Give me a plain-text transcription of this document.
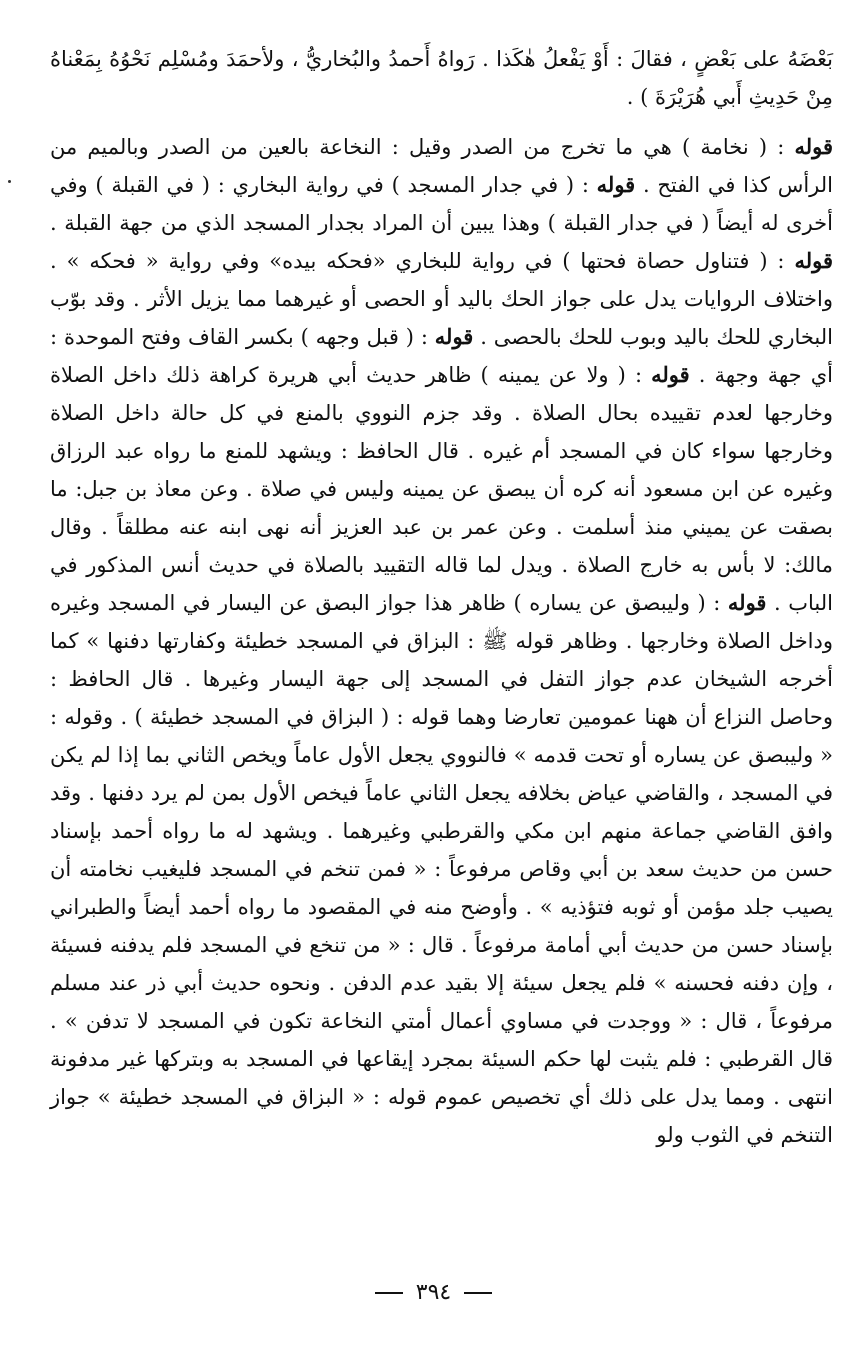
بَعْضَهُ على بَعْضٍ ، فقالَ : أَوْ يَفْعلُ هٰكَذا . رَواهُ أَحمدُ والبُخاريُّ ، ولأحمَدَ ومُسْلِم نَحْوُهُ بِمَعْناهُ مِنْ حَدِيثِ أَبي هُرَيْرَةَ ) .

قوله : ( نخامة ) هي ما تخرج من الصدر وقيل : النخاعة بالعين من الصدر وبالميم من الرأس كذا في الفتح . قوله : ( في جدار المسجد ) في رواية البخاري : ( في القبلة ) وفي أخرى له أيضاً ( في جدار القبلة ) وهذا يبين أن المراد بجدار المسجد الذي من جهة القبلة . قوله : ( فتناول حصاة فحتها ) في رواية للبخاري «فحكه بيده» وفي رواية « فحكه » . واختلاف الروايات يدل على جواز الحك باليد أو الحصى أو غيرهما مما يزيل الأثر . وقد بوّب البخاري للحك باليد وبوب للحك بالحصى . قوله : ( قبل وجهه ) بكسر القاف وفتح الموحدة : أي جهة وجهة . قوله : ( ولا عن يمينه ) ظاهر حديث أبي هريرة كراهة ذلك داخل الصلاة وخارجها لعدم تقييده بحال الصلاة . وقد جزم النووي بالمنع في كل حالة داخل الصلاة وخارجها سواء كان في المسجد أم غيره . قال الحافظ : ويشهد للمنع ما رواه عبد الرزاق وغيره عن ابن مسعود أنه كره أن يبصق عن يمينه وليس في صلاة . وعن معاذ بن جبل: ما بصقت عن يميني منذ أسلمت . وعن عمر بن عبد العزيز أنه نهى ابنه عنه مطلقاً . وقال مالك: لا بأس به خارج الصلاة . ويدل لما قاله التقييد بالصلاة في حديث أنس المذكور في الباب . قوله : ( وليبصق عن يساره ) ظاهر هذا جواز البصق عن اليسار في المسجد وغيره وداخل الصلاة وخارجها . وظاهر قوله ﷺ : البزاق في المسجد خطيئة وكفارتها دفنها » كما أخرجه الشيخان عدم جواز التفل في المسجد إلى جهة اليسار وغيرها . قال الحافظ : وحاصل النزاع أن ههنا عمومين تعارضا وهما قوله : ( البزاق في المسجد خطيئة ) . وقوله : « وليبصق عن يساره أو تحت قدمه » فالنووي يجعل الأول عاماً ويخص الثاني بما إذا لم يكن في المسجد ، والقاضي عياض بخلافه يجعل الثاني عاماً فيخص الأول بمن لم يرد دفنها . وقد وافق القاضي جماعة منهم ابن مكي والقرطبي وغيرهما . ويشهد له ما رواه أحمد بإسناد حسن من حديث سعد بن أبي وقاص مرفوعاً : « فمن تنخم في المسجد فليغيب نخامته أن يصيب جلد مؤمن أو ثوبه فتؤذيه » . وأوضح منه في المقصود ما رواه أحمد أيضاً والطبراني بإسناد حسن من حديث أبي أمامة مرفوعاً . قال : « من تنخع في المسجد فلم يدفنه فسيئة ، وإن دفنه فحسنه » فلم يجعل سيئة إلا بقيد عدم الدفن . ونحوه حديث أبي ذر عند مسلم مرفوعاً ، قال : « ووجدت في مساوي أعمال أمتي النخاعة تكون في المسجد لا تدفن » . قال القرطبي : فلم يثبت لها حكم السيئة بمجرد إيقاعها في المسجد به وبتركها غير مدفونة انتهى . ومما يدل على ذلك أي تخصيص عموم قوله : « البزاق في المسجد خطيئة » جواز التنخم في الثوب ولو

٣٩٤
